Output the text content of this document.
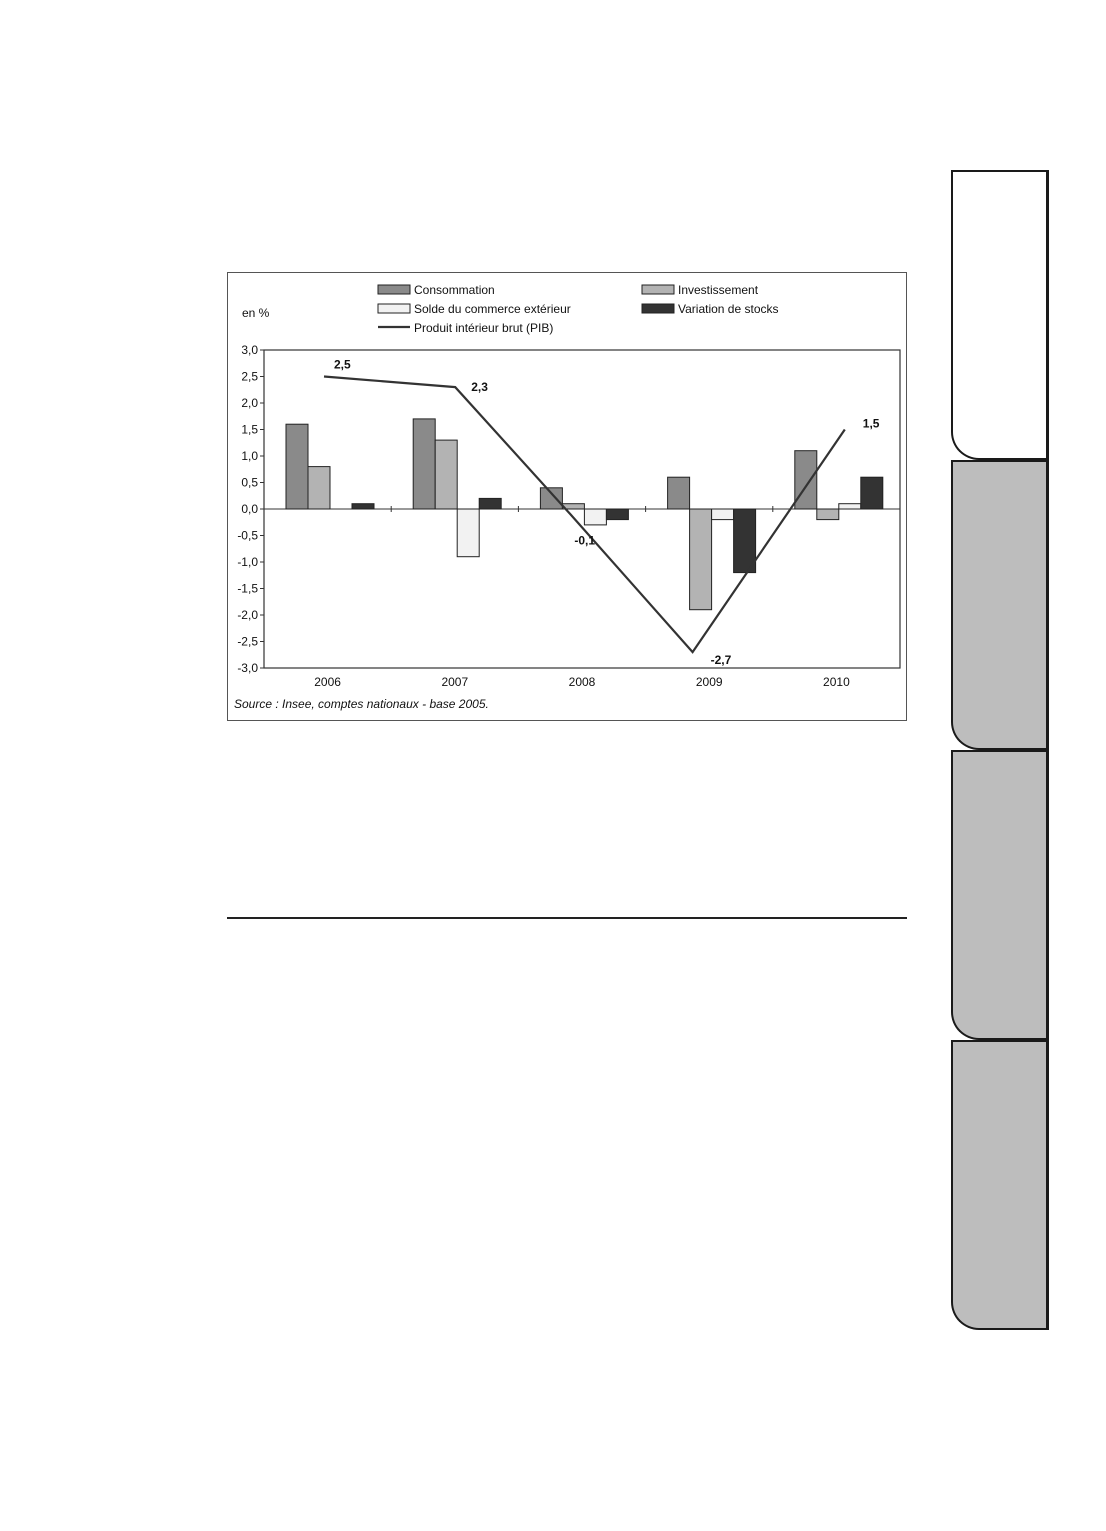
3,0
2,5
2,0
1,5
1,0
0,5
0,0
-0,5
-1,0
-1,5
-2,0
-2,5
-3,0
2006	2007	2008	2009	2010
2,5
2,3
-0,1
-2,7
1,5
en %
Consommation	Investissement
Solde du commerce extérieur	Variation de stocks
Produit intérieur brut (PIB)
Source : Insee, comptes nationaux - base 2005.
